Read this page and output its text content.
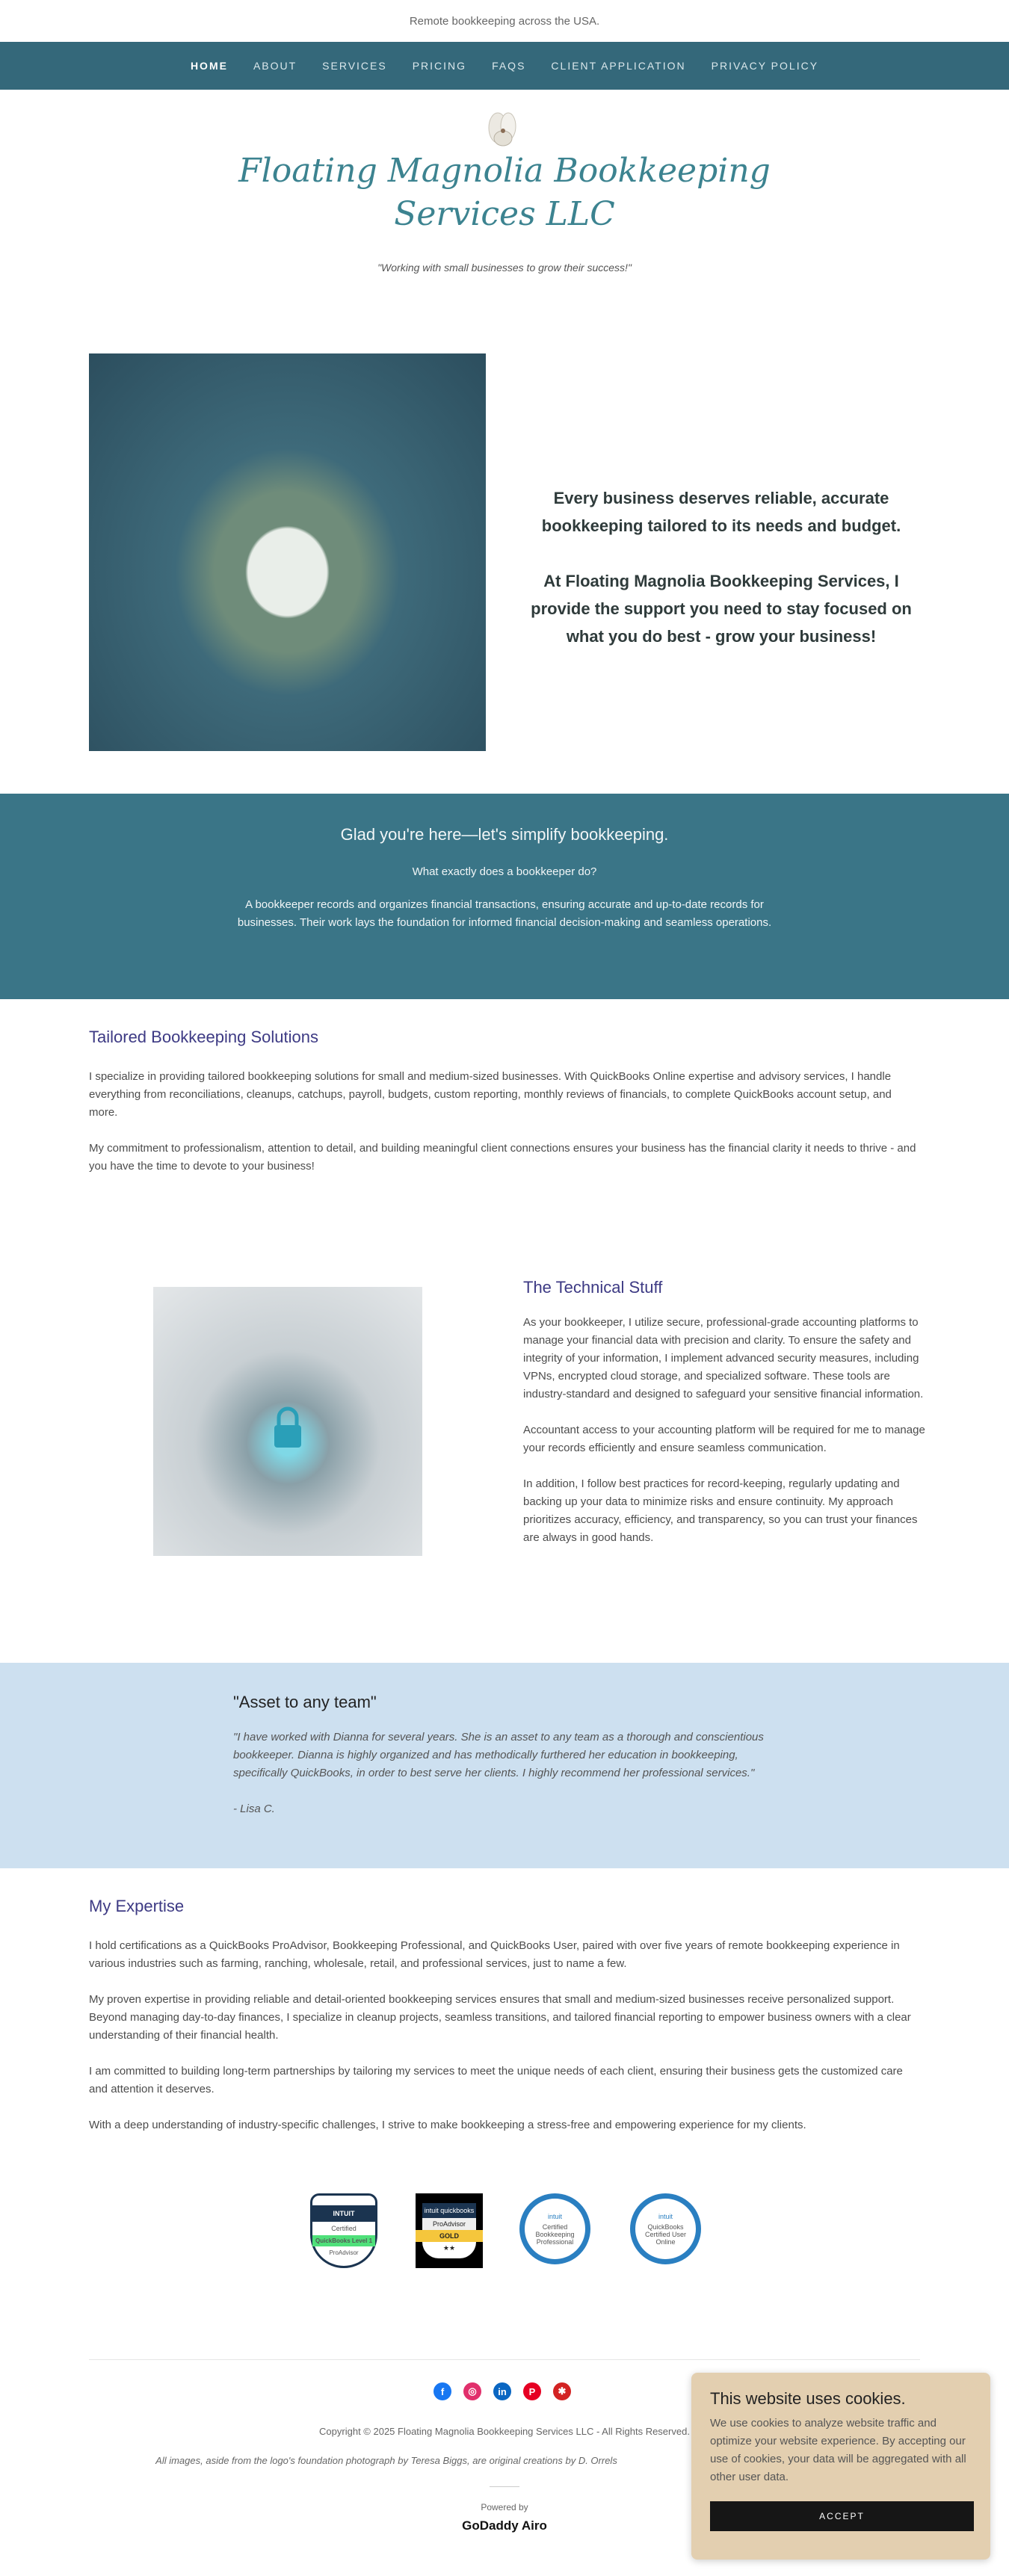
Remote bookkeeping across the USA.
HOME ABOUT SERVICES PRICING FAQS CLIENT APPLICATION PRIVACY POLICY
Floating Magnolia Bookkeeping Services LLC
"Working with small businesses to grow their success!"

Every business deserves reliable, accurate bookkeeping tailored to its needs and budget.

At Floating Magnolia Bookkeeping Services, I provide the support you need to stay focused on what you do best - grow your business!

Glad you're here—let's simplify bookkeeping.
What exactly does a bookkeeper do?
A bookkeeper records and organizes financial transactions, ensuring accurate and up-to-date records for businesses. Their work lays the foundation for informed financial decision-making and seamless operations.
Tailored Bookkeeping Solutions

I specialize in providing tailored bookkeeping solutions for small and medium-sized businesses. With QuickBooks Online expertise and advisory services, I handle everything from reconciliations, cleanups, catchups, payroll, budgets, custom reporting, monthly reviews of financials, to complete QuickBooks account setup, and more.

My commitment to professionalism, attention to detail, and building meaningful client connections ensures your business has the financial clarity it needs to thrive - and you have the time to devote to your business!

The Technical Stuff

As your bookkeeper, I utilize secure, professional-grade accounting platforms to manage your financial data with precision and clarity. To ensure the safety and integrity of your information, I implement advanced security measures, including VPNs, encrypted cloud storage, and specialized software. These tools are industry-standard and designed to safeguard your sensitive financial information.

Accountant access to your accounting platform will be required for me to manage your records efficiently and ensure seamless communication.

In addition, I follow best practices for record-keeping, regularly updating and backing up your data to minimize risks and ensure continuity. My approach prioritizes accuracy, efficiency, and transparency, so you can trust your finances are always in good hands.

"Asset to any team"

"I have worked with Dianna for several years. She is an asset to any team as a thorough and conscientious bookkeeper. Dianna is highly organized and has methodically furthered her education in bookkeeping, specifically QuickBooks, in order to best serve her clients. I highly recommend her professional services."

- Lisa C.

My Expertise

I hold certifications as a QuickBooks ProAdvisor, Bookkeeping Professional, and QuickBooks User, paired with over five years of remote bookkeeping experience in various industries such as farming, ranching, wholesale, retail, and professional services, just to name a few.

My proven expertise in providing reliable and detail-oriented bookkeeping services ensures that small and medium-sized businesses receive personalized support. Beyond managing day-to-day finances, I specialize in cleanup projects, seamless transitions, and tailored financial reporting to empower business owners with a clear understanding of their financial health.

I am committed to building long-term partnerships by tailoring my services to meet the unique needs of each client, ensuring their business gets the customized care and attention it deserves.

With a deep understanding of industry-specific challenges, I strive to make bookkeeping a stress-free and empowering experience for my clients.

INTUIT
Certified
QuickBooks Level 1
ProAdvisor
intuit quickbooks
ProAdvisor
GOLD
★★
intuit
Certified Bookkeeping Professional
intuit
QuickBooks Certified User Online
f	◎	in	P	✱
Copyright © 2025 Floating Magnolia Bookkeeping Services LLC - All Rights Reserved.
All images, aside from the logo's foundation photograph by Teresa Biggs, are original creations by D. Orrels
Powered by
GoDaddy Airo
This website uses cookies.

We use cookies to analyze website traffic and optimize your website experience. By accepting our use of cookies, your data will be aggregated with all other user data.

ACCEPT
